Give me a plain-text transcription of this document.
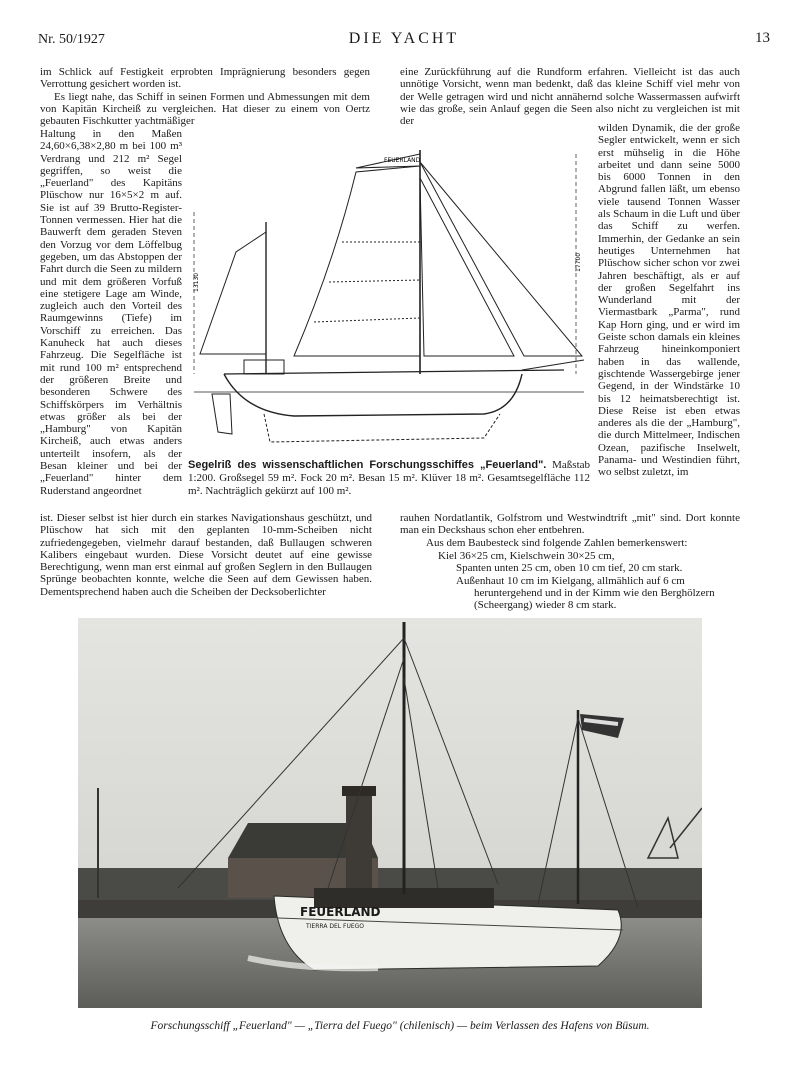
Nr. 50/1927	DIE YACHT	13

im Schlick auf Festigkeit erprobten Imprägnierung besonders gegen Verrottung gesichert worden ist.

Es liegt nahe, das Schiff in seinen Formen und Abmessungen mit dem von Kapitän Kircheiß zu vergleichen. Hat dieser zu einem von Oertz gebauten Fischkutter yachtmäßiger

Haltung in den Maßen 24,60×6,38×2,80 m bei 100 m³ Verdrang und 212 m² Segel gegriffen, so weist die „Feuerland" des Kapitäns Plüschow nur 16×5×2 m auf. Sie ist auf 39 Brutto-Register-Tonnen vermessen. Hier hat die Bauwerft dem geraden Steven den Vorzug vor dem Löffelbug gegeben, um das Abstoppen der Fahrt durch die Seen zu mildern und mit dem größeren Vorfuß eine stetigere Lage am Winde, zugleich auch den Vorteil des Raumgewinns (Tiefe) im Vorschiff zu erreichen. Das Kanuheck hat auch dieses Fahrzeug. Die Segelfläche ist mit rund 100 m² entsprechend der größeren Breite und besonderen Schwere des Schiffskörpers im Verhältnis etwas größer als bei der „Hamburg" von Kapitän Kircheiß, auch etwas anders unterteilt insofern, als der Besan kleiner und bei der „Feuerland" hinter dem Ruderstand angeordnet
eine Zurückführung auf die Rundform erfahren. Vielleicht ist das auch unnötige Vorsicht, wenn man bedenkt, daß das kleine Schiff viel mehr von der Welle getragen wird und nicht annähernd solche Wassermassen aufwirft wie das große, sein Anlauf gegen die Seen also nicht zu vergleichen ist mit der
wilden Dynamik, die der große Segler entwickelt, wenn er sich erst mühselig in die Höhe arbeitet und dann seine 5000 bis 6000 Tonnen in den Abgrund fallen läßt, um ebenso viele tausend Tonnen Wasser als Schaum in die Luft und über das Schiff zu werfen. Immerhin, der Gedanke an sein heutiges Unternehmen hat Plüschow sicher schon vor zwei Jahren beschäftigt, als er auf der großen Segelfahrt ins Wunderland mit der Viermastbark „Parma", rund Kap Horn ging, und er wird im Geiste schon damals ein kleines Fahrzeug hineinkomponiert haben in das wallende, gischtende Wassergebirge jener Gegend, in der Windstärke 10 bis 12 heimatsberechtigt ist. Diese Reise ist eben etwas anderes als die der „Hamburg", die durch Mittelmeer, Indischen Ozean, pazifische Inselwelt, Panama- und Westindien führt, wo selbst zuletzt, im
FEUERLAND
17700
13130
Segelriß des wissenschaftlichen Forschungsschiffes „Feuerland". Maßstab 1:200. Großsegel 59 m². Fock 20 m². Besan 15 m². Klüver 18 m². Gesamtsegelfläche 112 m². Nachträglich gekürzt auf 100 m².
ist. Dieser selbst ist hier durch ein starkes Navigationshaus geschützt, und Plüschow hat sich mit den geplanten 10-mm-Scheiben nicht zufriedengegeben, vielmehr darauf bestanden, daß Bullaugen schweren Kalibers eingebaut wurden. Diese Vorsicht deutet auf eine gewisse Berechtigung, wenn man erst einmal auf großen Seglern in den Bullaugen Sprünge beobachten konnte, welche die Seen auf dem Gewissen haben. Dementsprechend haben auch die Scheiben der Decksoberlichter

rauhen Nordatlantik, Golfstrom und Westwindtrift „mit" sind. Dort konnte man ein Deckshaus schon eher entbehren.

Aus dem Baubesteck sind folgende Zahlen bemerkenswert:

Kiel 36×25 cm, Kielschwein 30×25 cm,
Spanten unten 25 cm, oben 10 cm tief, 20 cm stark.
Außenhaut 10 cm im Kielgang, allmählich auf 6 cm
heruntergehend und in der Kimm wie den Berghölzern
(Scheergang) wieder 8 cm stark.
FEUERLAND
TIERRA DEL FUEGO
Forschungsschiff „Feuerland" — „Tierra del Fuego" (chilenisch) — beim Verlassen des Hafens von Büsum.
